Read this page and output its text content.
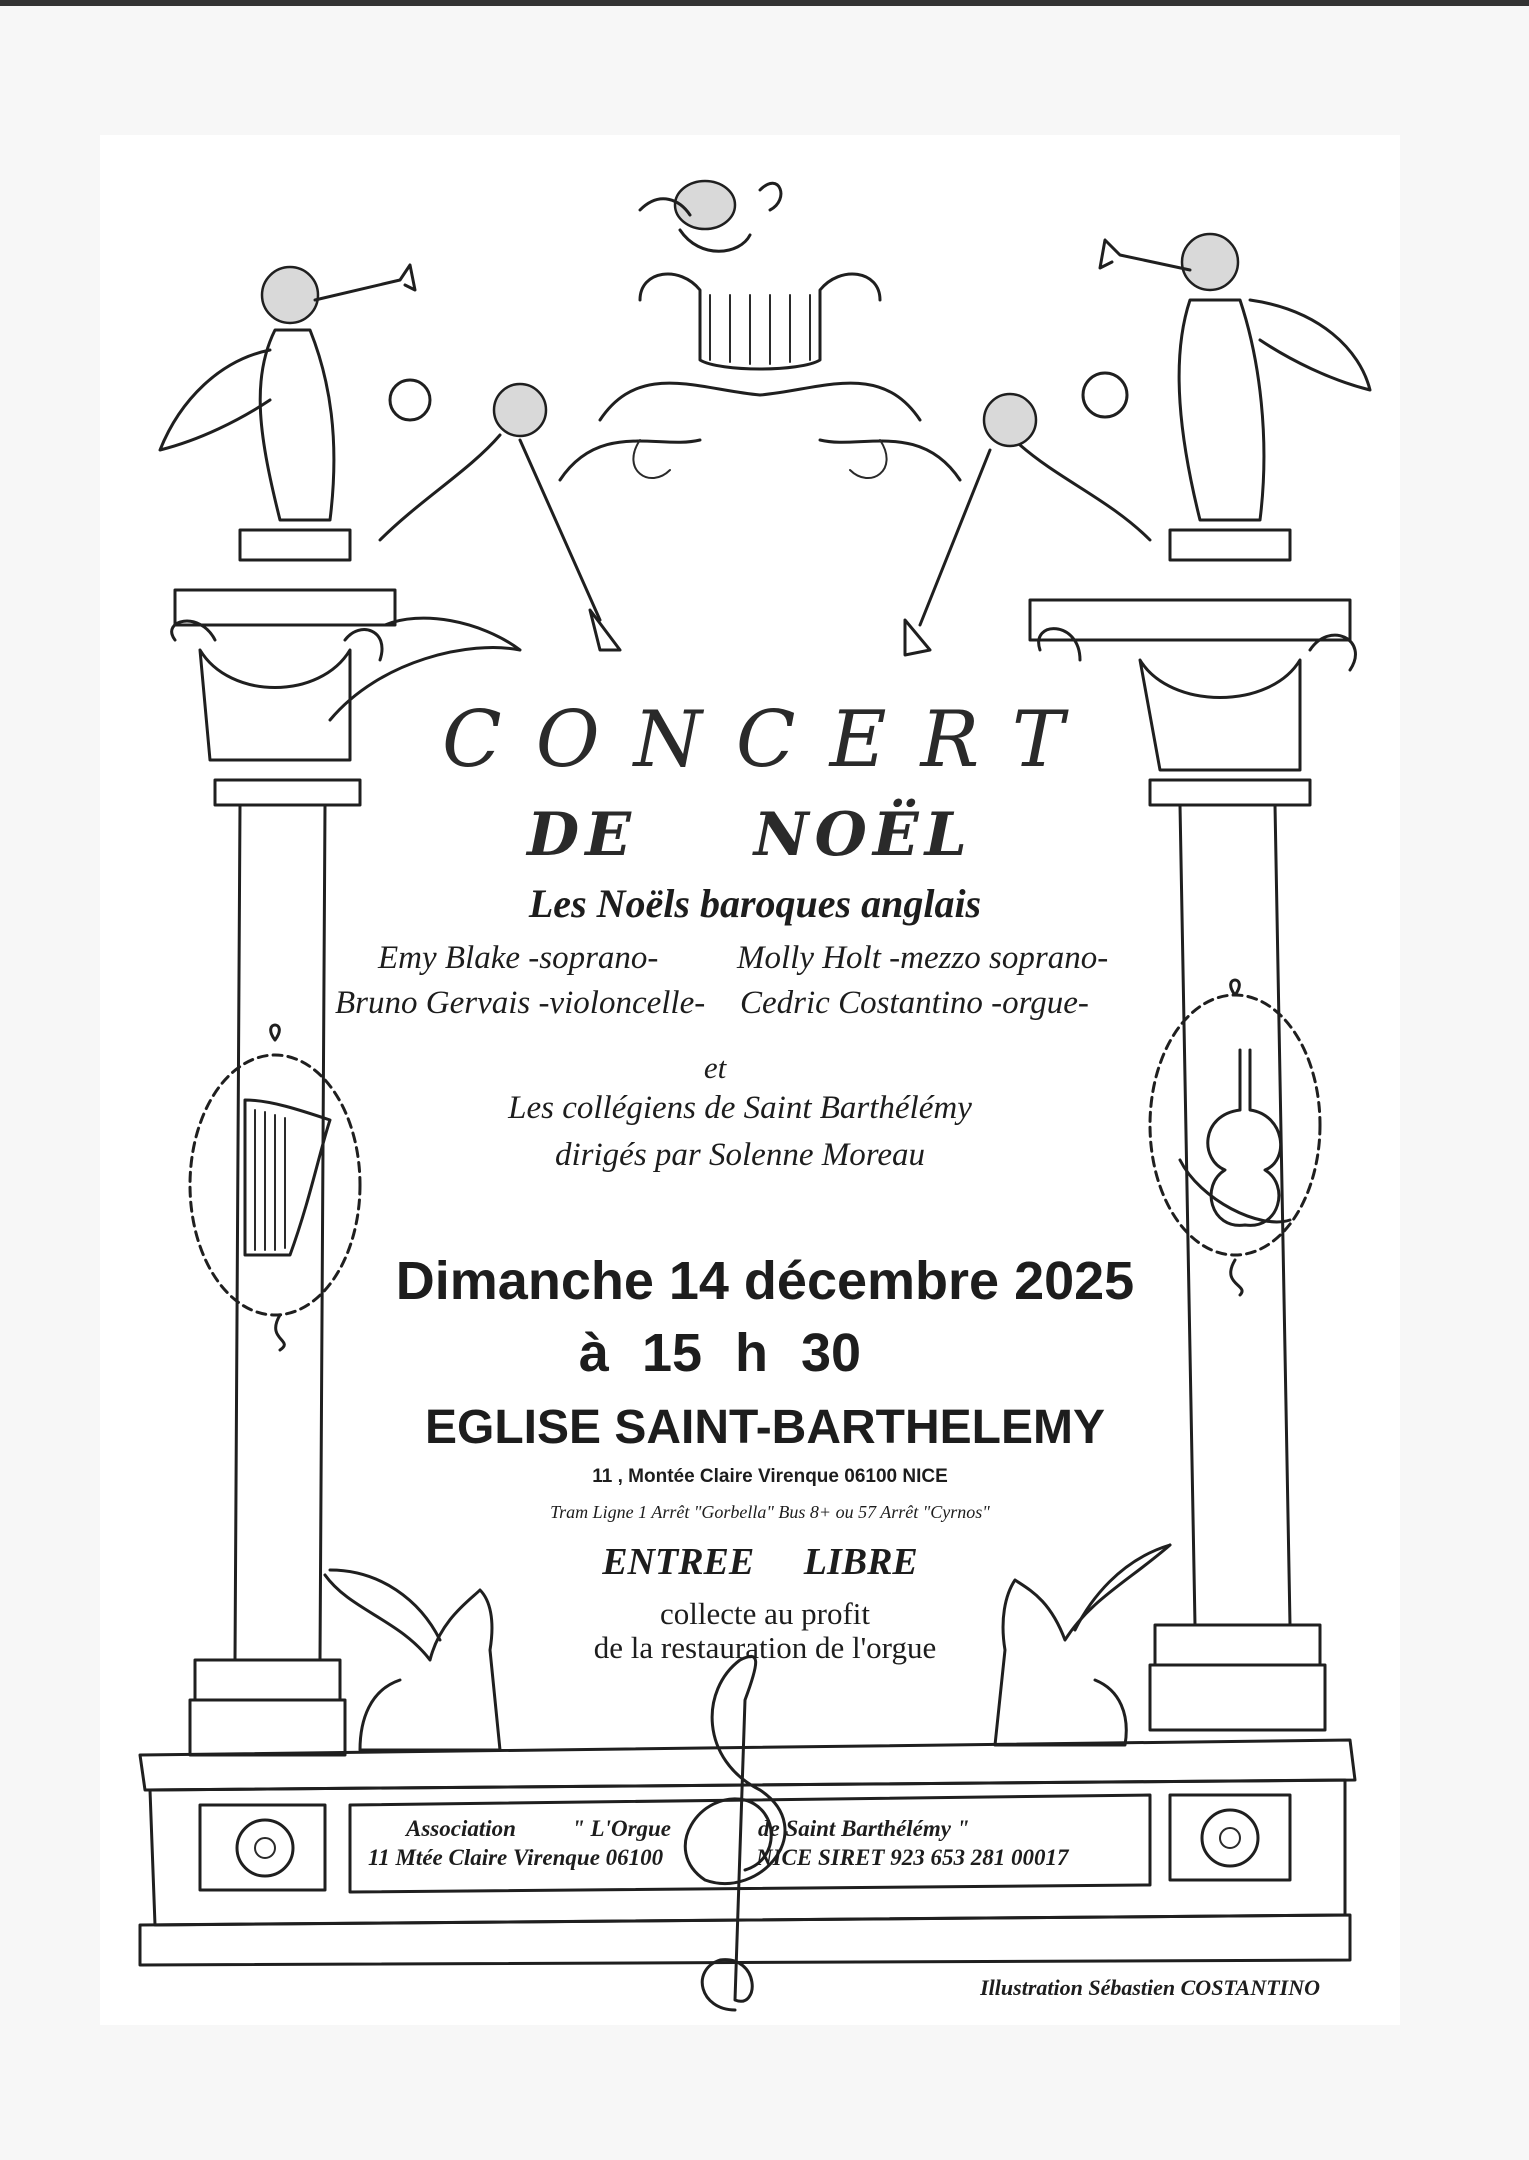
CONCERT
DE NOËL
Les Noëls baroques anglais
Emy Blake -soprano- Molly Holt -mezzo soprano-
Bruno Gervais -violoncelle- Cedric Costantino -orgue-
et
Les collégiens de Saint Barthélémy
dirigés par Solenne Moreau
Dimanche 14 décembre 2025
à 15 h 30
EGLISE SAINT-BARTHELEMY
11 , Montée Claire Virenque 06100 NICE
Tram Ligne 1 Arrêt "Gorbella" Bus 8+ ou 57 Arrêt "Cyrnos"
ENTREE LIBRE
collecte au profit
de la restauration de l'orgue
Association " L'Orgue	de Saint Barthélémy "
11 Mtée Claire Virenque 06100	NICE SIRET 923 653 281 00017
Illustration Sébastien COSTANTINO
